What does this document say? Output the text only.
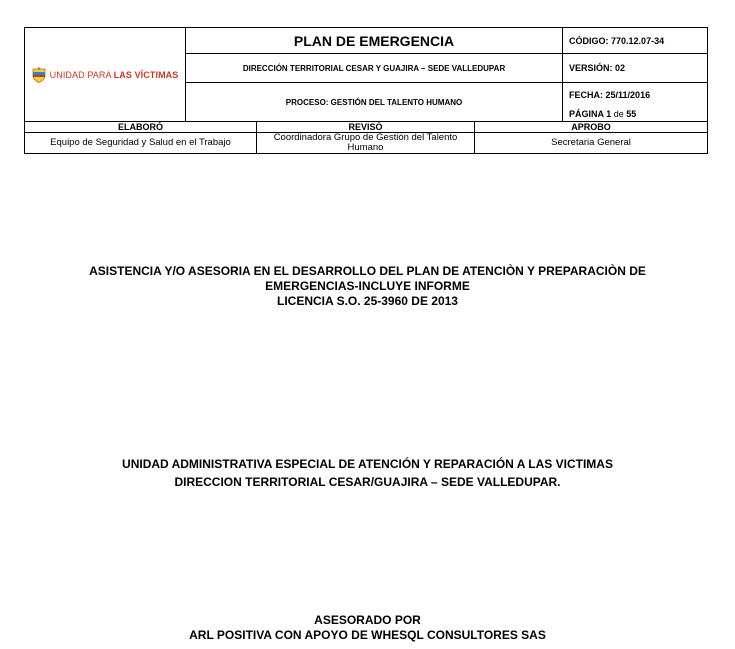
UNIDAD PARA LAS VÍCTIMAS	PLAN DE EMERGENCIA			CÓDIGO: 770.12.07-34
	DIRECCIÓN TERRITORIAL CESAR Y GUAJIRA – SEDE VALLEDUPAR			VERSIÓN: 02
	PROCESO: GESTIÓN DEL TALENTO HUMANO			FECHA: 25/11/2016
PÁGINA 1 de 55

ELABORÓ		REVISÓ	APROBO	
Equipo de Seguridad y Salud en el Trabajo		Coordinadora Grupo de Gestión del Talento Humano	Secretaria General	
ASISTENCIA Y/O ASESORIA EN EL DESARROLLO DEL PLAN DE ATENCIÒN Y PREPARACIÒN DE
EMERGENCIAS-INCLUYE INFORME
LICENCIA S.O. 25-3960 DE 2013
UNIDAD ADMINISTRATIVA ESPECIAL DE ATENCIÓN Y REPARACIÓN A LAS VICTIMAS
DIRECCION TERRITORIAL CESAR/GUAJIRA – SEDE VALLEDUPAR.
ASESORADO POR
ARL POSITIVA CON APOYO DE WHESQL CONSULTORES SAS
